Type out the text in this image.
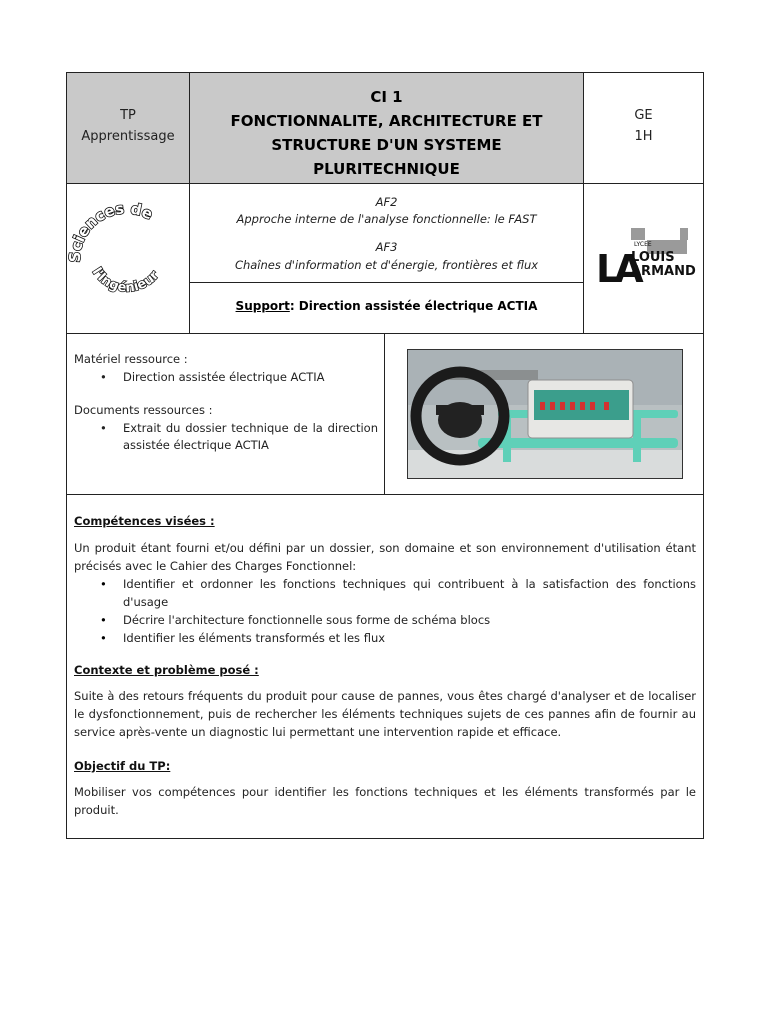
TP
Apprentissage
CI 1
FONCTIONNALITE, ARCHITECTURE ET
STRUCTURE D'UN SYSTEME
PLURITECHNIQUE
GE
1H
Sciences de
l'Ingénieur
AF2
Approche interne de l'analyse fonctionnelle: le FAST
AF3
Chaînes d'information et d'énergie, frontières et flux
Support: Direction assistée électrique ACTIA
LA
LYCEE
LOUIS
ARMAND
Matériel ressource :
• Direction assistée électrique ACTIA
Documents ressources :
• Extrait du dossier technique de la direction assistée électrique ACTIA
Compétences visées :
Un produit étant fourni et/ou défini par un dossier, son domaine et son environnement d'utilisation étant précisés avec le Cahier des Charges Fonctionnel:
• Identifier et ordonner les fonctions techniques qui contribuent à la satisfaction des fonctions d'usage
• Décrire l'architecture fonctionnelle sous forme de schéma blocs
• Identifier les éléments transformés et les flux
Contexte et problème posé :
Suite à des retours fréquents du produit pour cause de pannes, vous êtes chargé d'analyser et de localiser le dysfonctionnement, puis de rechercher les éléments techniques sujets de ces pannes afin de fournir au service après-vente un diagnostic lui permettant une intervention rapide et efficace.
Objectif du TP:
Mobiliser vos compétences pour identifier les fonctions techniques et les éléments transformés par le produit.
